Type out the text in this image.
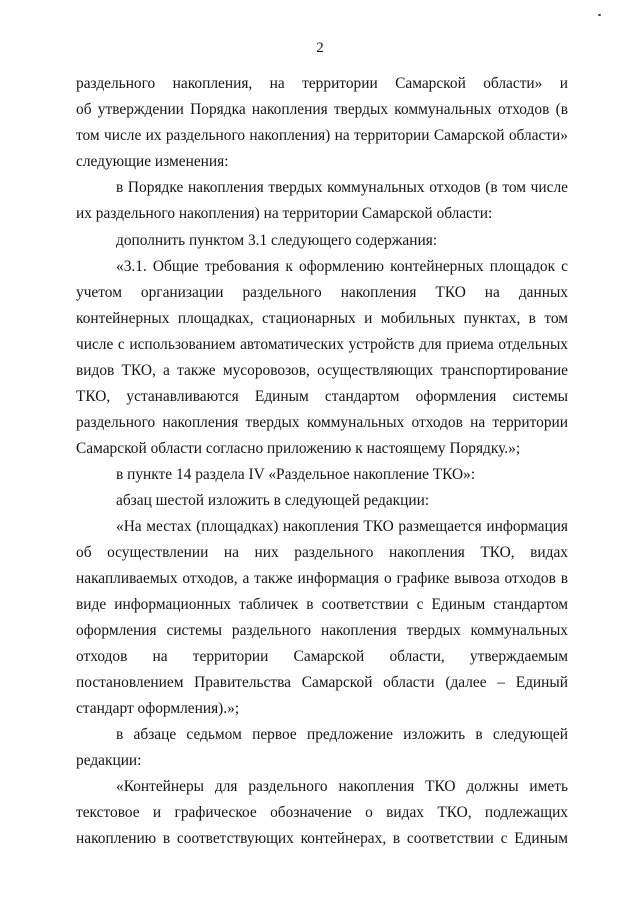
2
раздельного накопления, на территории Самарской области» и
об утверждении Порядка накопления твердых коммунальных отходов (в
том числе их раздельного накопления) на территории Самарской области»
следующие изменения:
в Порядке накопления твердых коммунальных отходов (в том числе
их раздельного накопления) на территории Самарской области:
дополнить пунктом 3.1 следующего содержания:
«3.1. Общие требования к оформлению контейнерных площадок с
учетом организации раздельного накопления ТКО на данных
контейнерных площадках, стационарных и мобильных пунктах, в том
числе с использованием автоматических устройств для приема отдельных
видов ТКО, а также мусоровозов, осуществляющих транспортирование
ТКО, устанавливаются Единым стандартом оформления системы
раздельного накопления твердых коммунальных отходов на территории
Самарской области согласно приложению к настоящему Порядку.»;
в пункте 14 раздела IV «Раздельное накопление ТКО»:
абзац шестой изложить в следующей редакции:
«На местах (площадках) накопления ТКО размещается информация
об осуществлении на них раздельного накопления ТКО, видах
накапливаемых отходов, а также информация о графике вывоза отходов в
виде информационных табличек в соответствии с Единым стандартом
оформления системы раздельного накопления твердых коммунальных
отходов на территории Самарской области, утверждаемым
постановлением Правительства Самарской области (далее – Единый
стандарт оформления).»;
в абзаце седьмом первое предложение изложить в следующей
редакции:
«Контейнеры для раздельного накопления ТКО должны иметь
текстовое и графическое обозначение о видах ТКО, подлежащих
накоплению в соответствующих контейнерах, в соответствии с Единым
